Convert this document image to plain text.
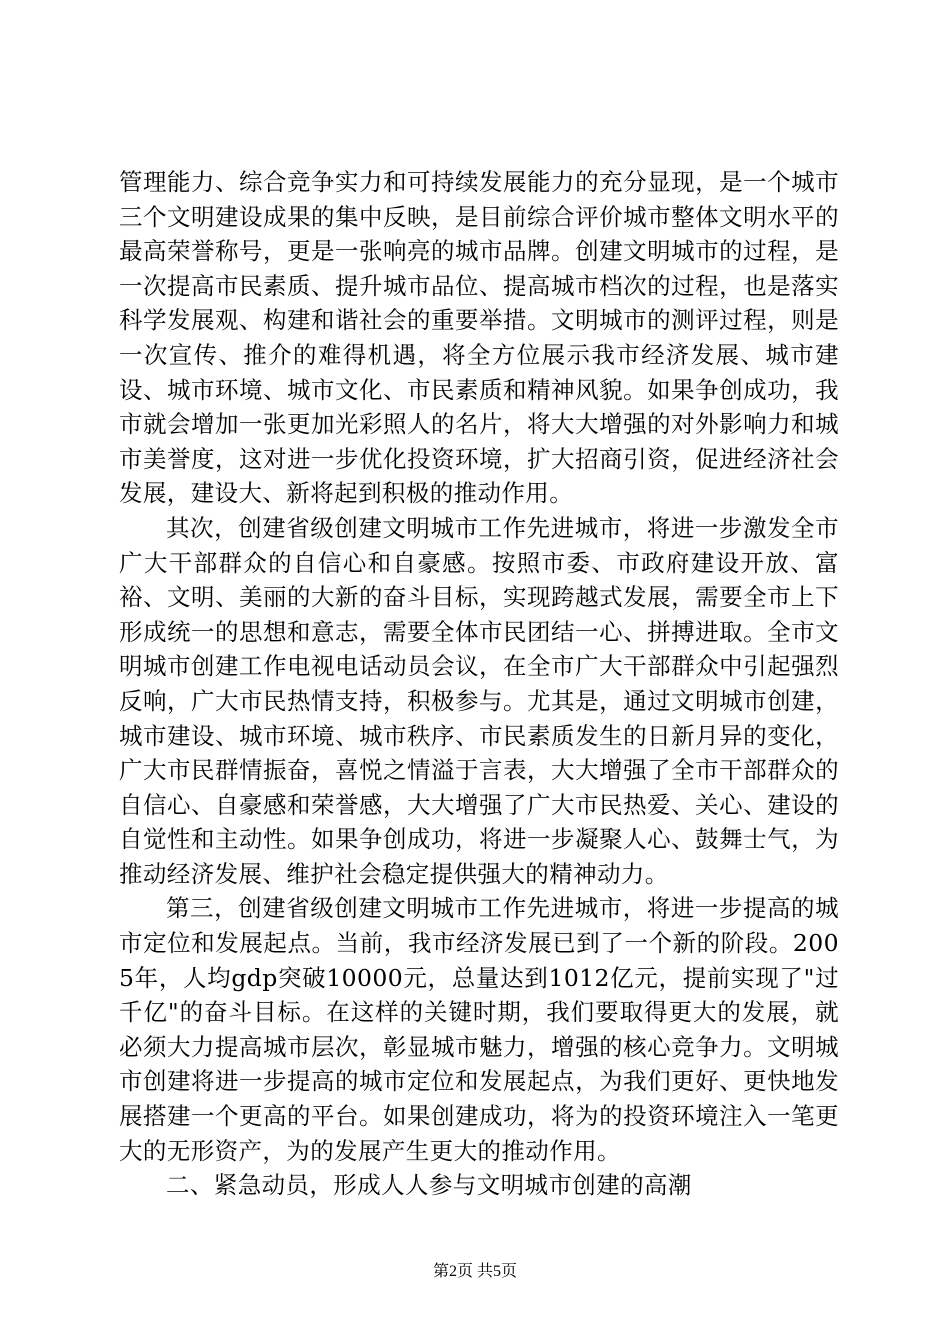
管理能力、综合竞争实力和可持续发展能力的充分显现，是一个城市三个文明建设成果的集中反映，是目前综合评价城市整体文明水平的最高荣誉称号，更是一张响亮的城市品牌。创建文明城市的过程，是一次提高市民素质、提升城市品位、提高城市档次的过程，也是落实科学发展观、构建和谐社会的重要举措。文明城市的测评过程，则是一次宣传、推介的难得机遇，将全方位展示我市经济发展、城市建设、城市环境、城市文化、市民素质和精神风貌。如果争创成功，我市就会增加一张更加光彩照人的名片，将大大增强的对外影响力和城市美誉度，这对进一步优化投资环境，扩大招商引资，促进经济社会发展，建设大、新将起到积极的推动作用。

其次，创建省级创建文明城市工作先进城市，将进一步激发全市广大干部群众的自信心和自豪感。按照市委、市政府建设开放、富裕、文明、美丽的大新的奋斗目标，实现跨越式发展，需要全市上下形成统一的思想和意志，需要全体市民团结一心、拼搏进取。全市文明城市创建工作电视电话动员会议，在全市广大干部群众中引起强烈反响，广大市民热情支持，积极参与。尤其是，通过文明城市创建，城市建设、城市环境、城市秩序、市民素质发生的日新月异的变化，广大市民群情振奋，喜悦之情溢于言表，大大增强了全市干部群众的自信心、自豪感和荣誉感，大大增强了广大市民热爱、关心、建设的自觉性和主动性。如果争创成功，将进一步凝聚人心、鼓舞士气，为推动经济发展、维护社会稳定提供强大的精神动力。

第三，创建省级创建文明城市工作先进城市，将进一步提高的城市定位和发展起点。当前，我市经济发展已到了一个新的阶段。2005年，人均gdp突破10000元，总量达到1012亿元，提前实现了"过千亿"的奋斗目标。在这样的关键时期，我们要取得更大的发展，就必须大力提高城市层次，彰显城市魅力，增强的核心竞争力。文明城市创建将进一步提高的城市定位和发展起点，为我们更好、更快地发展搭建一个更高的平台。如果创建成功，将为的投资环境注入一笔更大的无形资产，为的发展产生更大的推动作用。

二、紧急动员，形成人人参与文明城市创建的高潮

第2页 共5页
